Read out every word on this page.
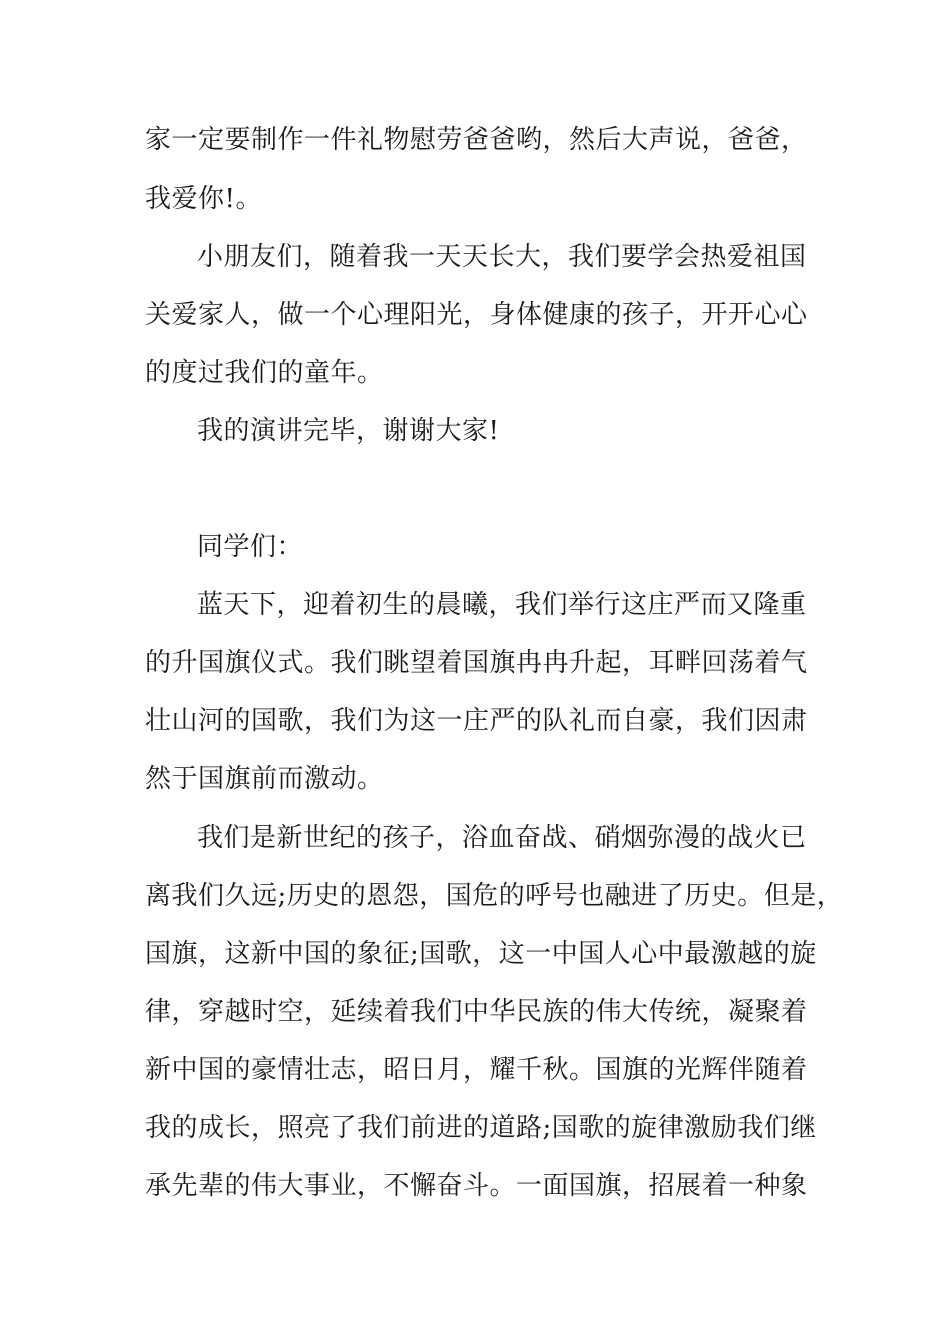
家一定要制作一件礼物慰劳爸爸哟，然后大声说，爸爸，
我爱你!。
小朋友们，随着我一天天长大，我们要学会热爱祖国
关爱家人，做一个心理阳光，身体健康的孩子，开开心心
的度过我们的童年。
我的演讲完毕，谢谢大家!
同学们：
蓝天下，迎着初生的晨曦，我们举行这庄严而又隆重
的升国旗仪式。我们眺望着国旗冉冉升起，耳畔回荡着气
壮山河的国歌，我们为这一庄严的队礼而自豪，我们因肃
然于国旗前而激动。
我们是新世纪的孩子，浴血奋战、硝烟弥漫的战火已
离我们久远;历史的恩怨，国危的呼号也融进了历史。但是，
国旗，这新中国的象征;国歌，这一中国人心中最激越的旋
律，穿越时空，延续着我们中华民族的伟大传统，凝聚着
新中国的豪情壮志，昭日月，耀千秋。国旗的光辉伴随着
我的成长，照亮了我们前进的道路;国歌的旋律激励我们继
承先辈的伟大事业，不懈奋斗。一面国旗，招展着一种象
